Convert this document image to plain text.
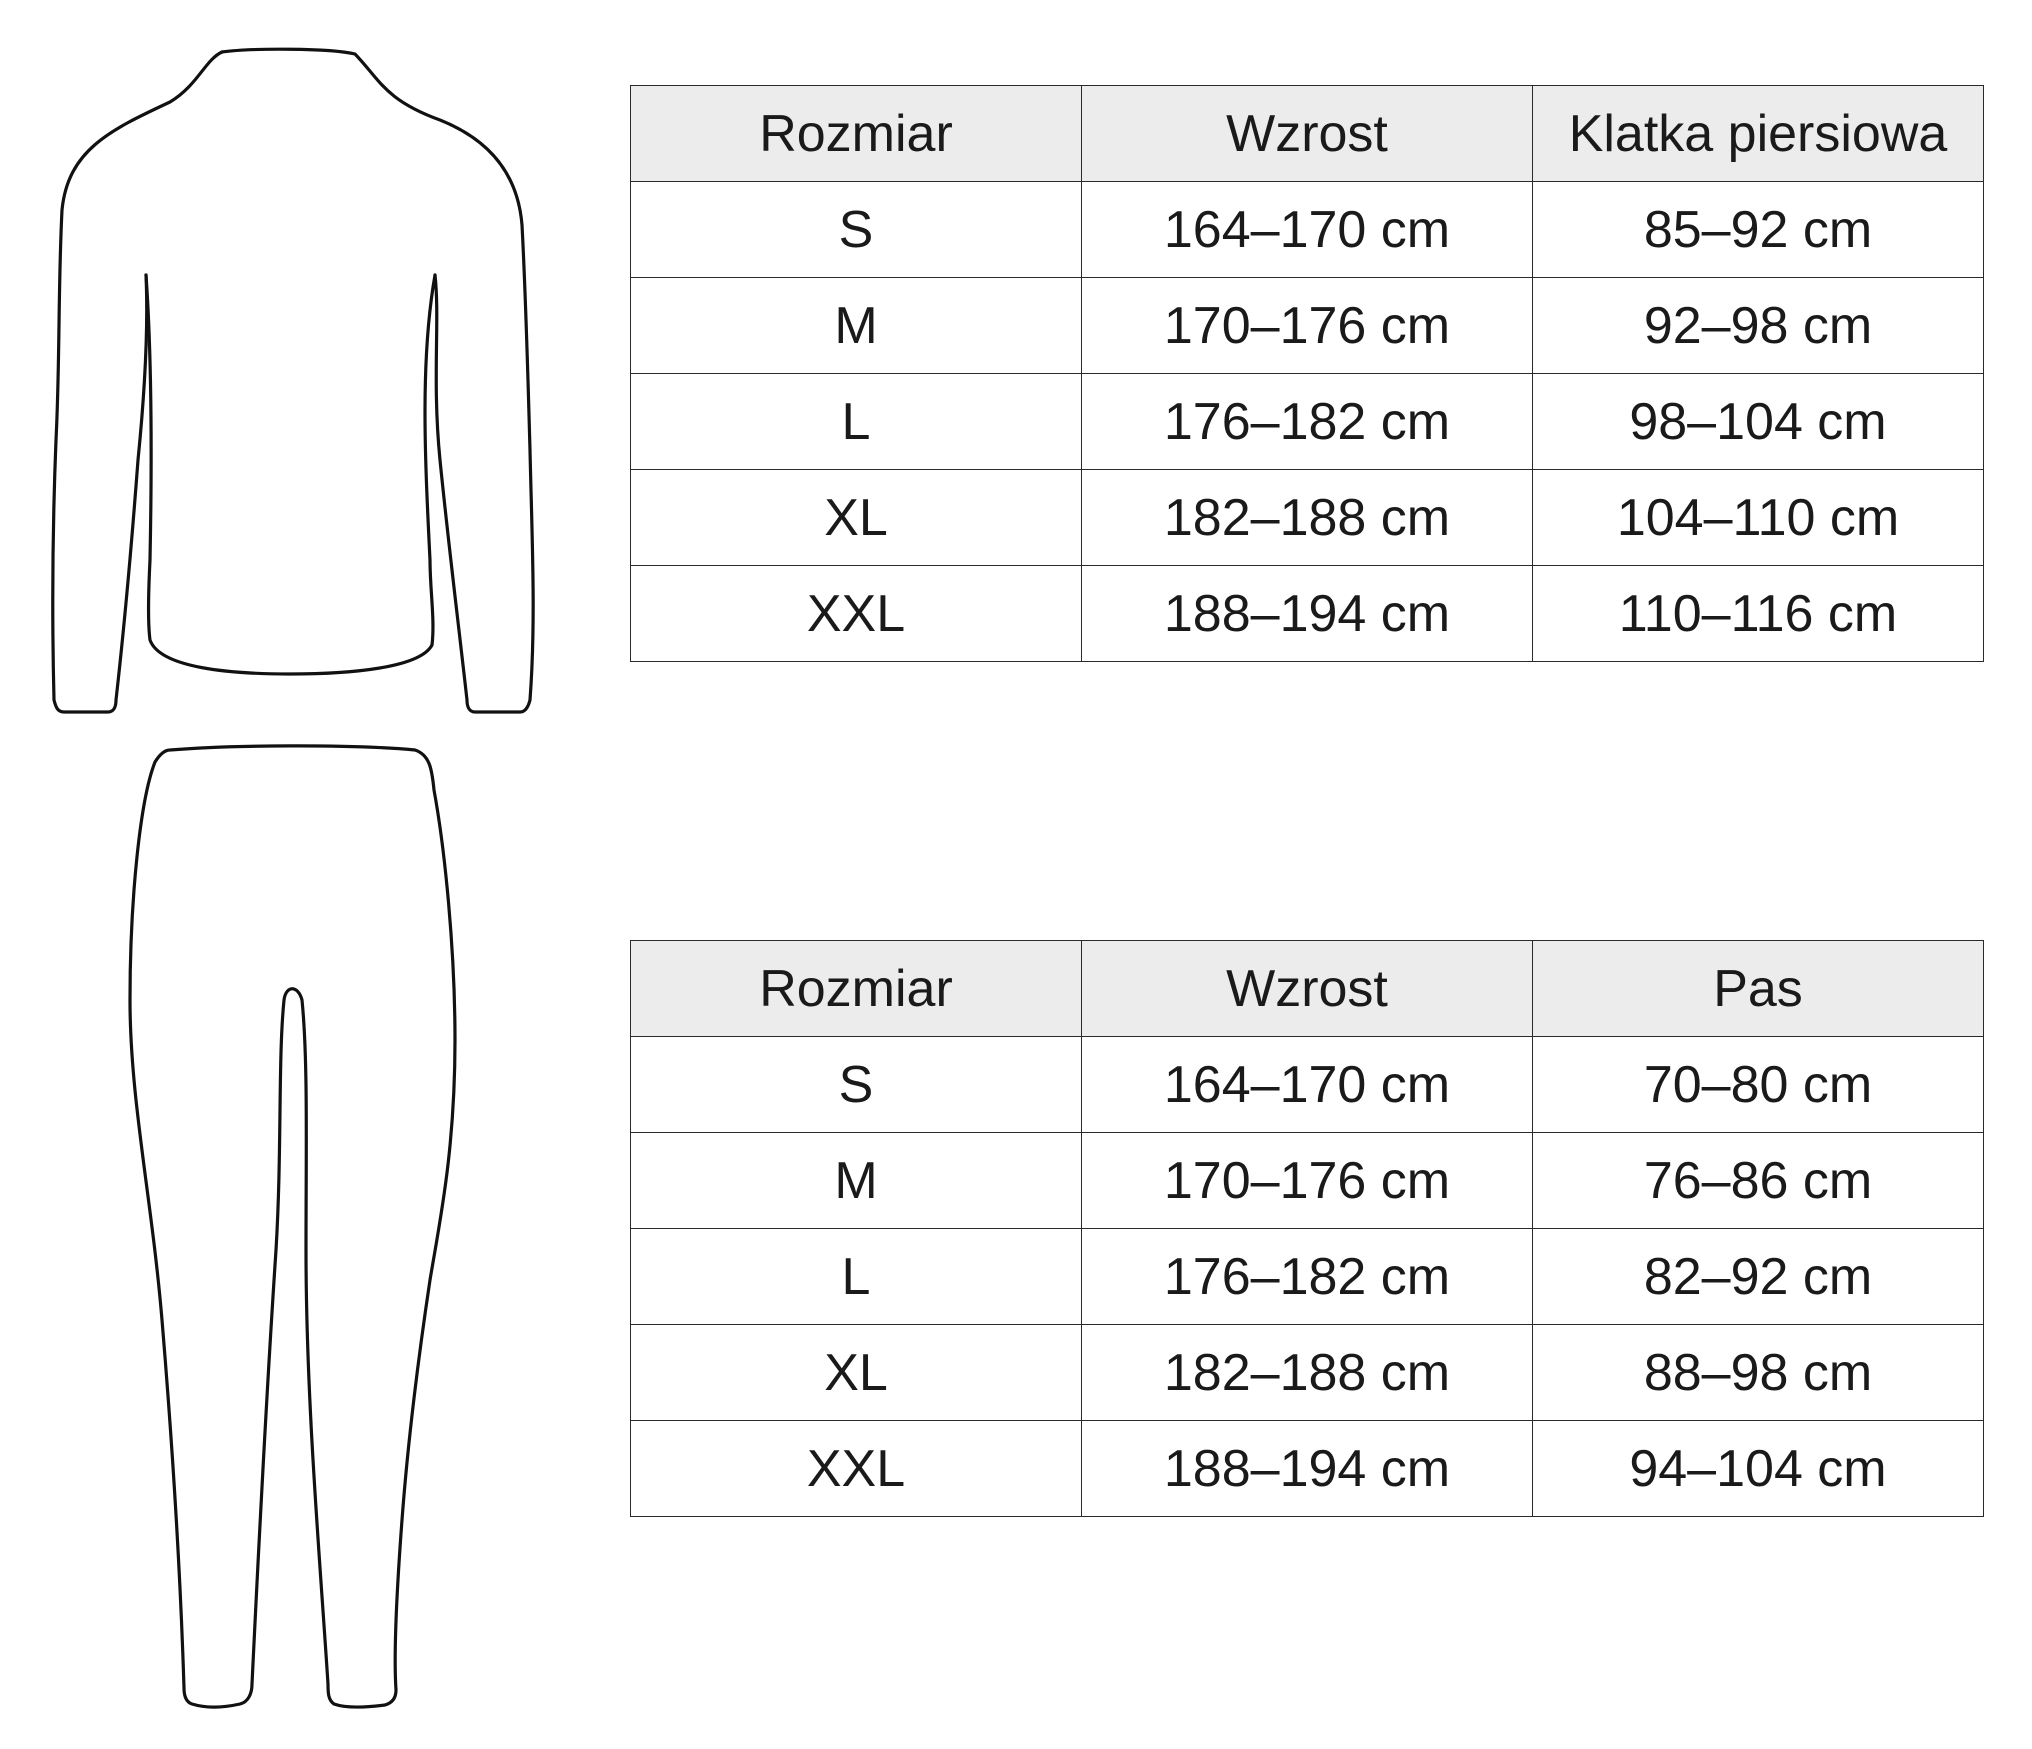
Rozmiar	Wzrost	Klatka piersiowa
S	164–170 cm	85–92 cm
M	170–176 cm	92–98 cm
L	176–182 cm	98–104 cm
XL	182–188 cm	104–110 cm
XXL	188–194 cm	110–116 cm
Rozmiar	Wzrost	Pas
S	164–170 cm	70–80 cm
M	170–176 cm	76–86 cm
L	176–182 cm	82–92 cm
XL	182–188 cm	88–98 cm
XXL	188–194 cm	94–104 cm
